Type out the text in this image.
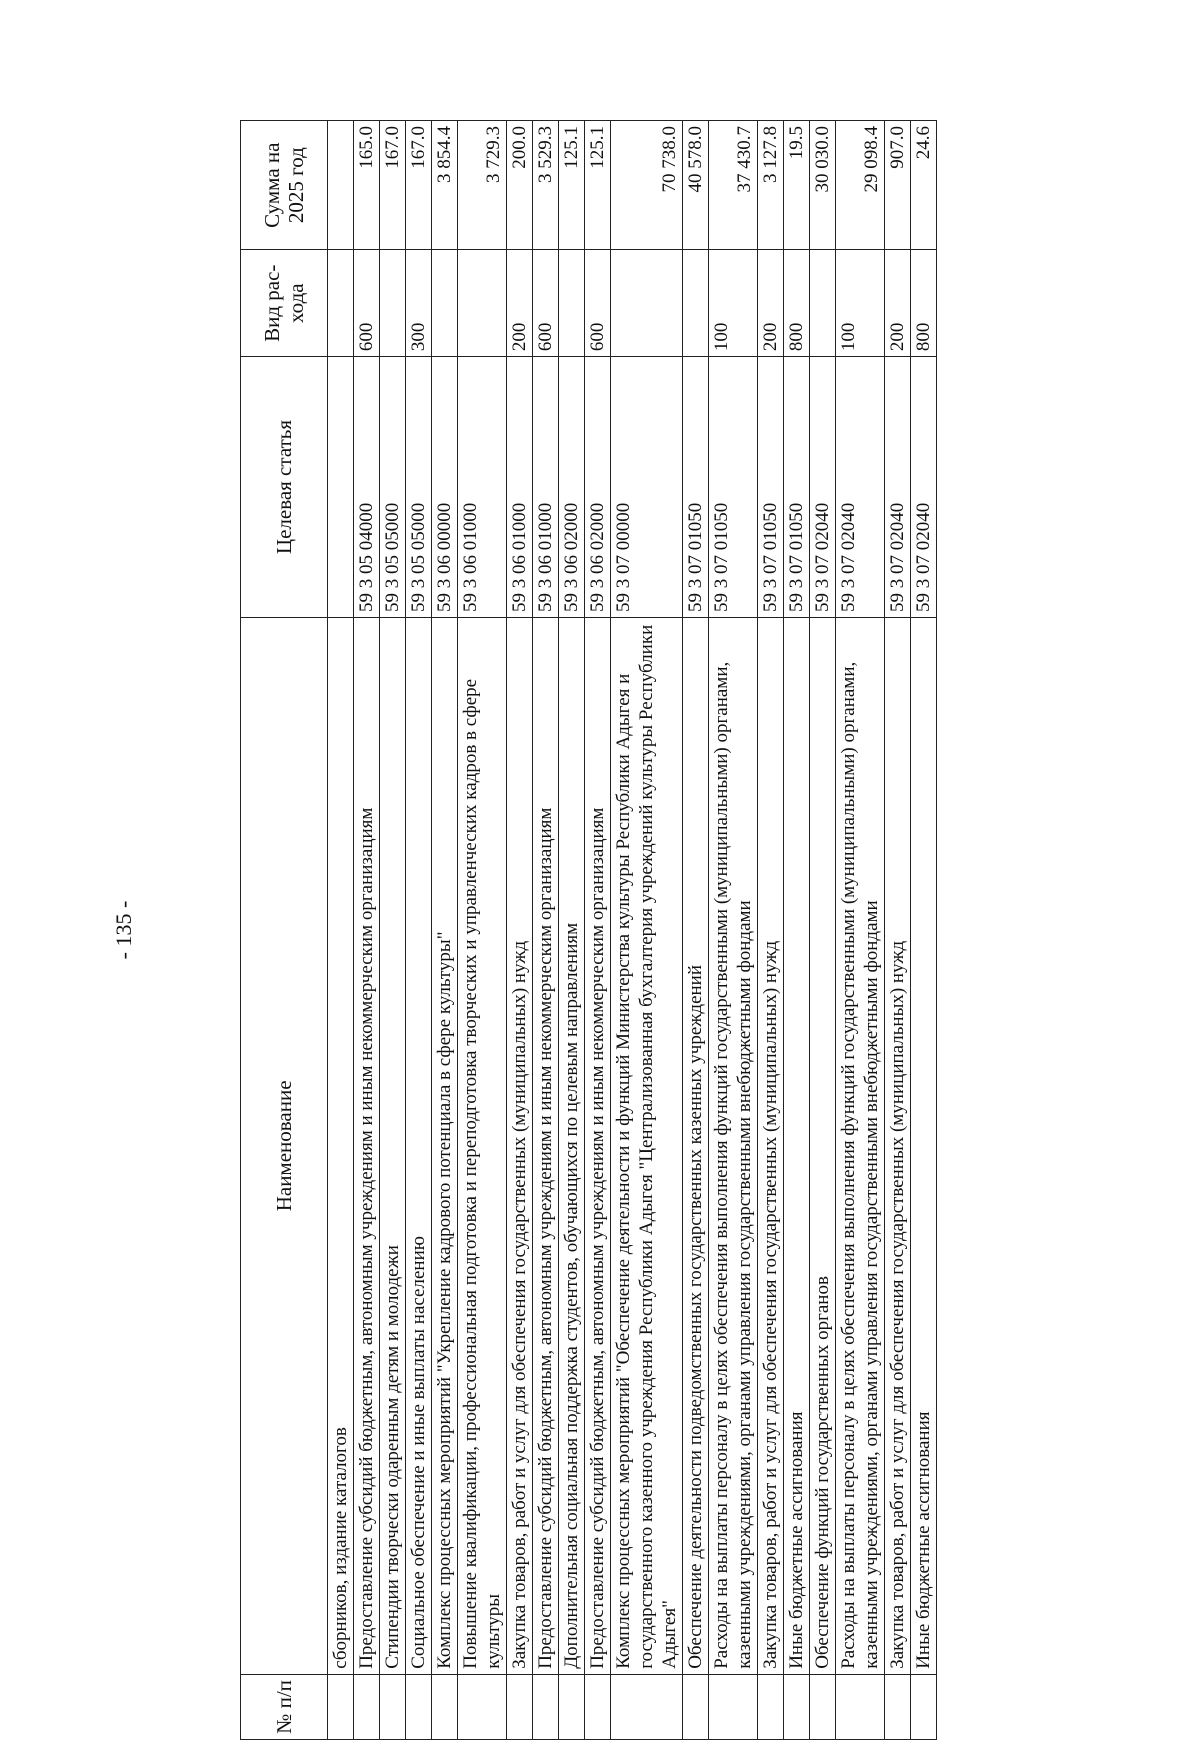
- 135 -
№ п/п	Наименование	Целевая статья	Вид рас- хода	Сумма на 2025 год
	сборников, издание каталогов			
	Предоставление субсидий бюджетным, автономным учреждениям и иным некоммерческим организациям	59 3 05 04000	600	165.0
	Стипендии творчески одаренным детям и молодежи	59 3 05 05000		167.0
	Социальное обеспечение и иные выплаты населению	59 3 05 05000	300	167.0
	Комплекс процессных мероприятий "Укрепление кадрового потенциала в сфере культуры"	59 3 06 00000		3 854.4
	Повышение квалификации, профессиональная подготовка и переподготовка творческих и управленческих кадров в сфере культуры	59 3 06 01000		3 729.3
	Закупка товаров, работ и услуг для обеспечения государственных (муниципальных) нужд	59 3 06 01000	200	200.0
	Предоставление субсидий бюджетным, автономным учреждениям и иным некоммерческим организациям	59 3 06 01000	600	3 529.3
	Дополнительная социальная поддержка студентов, обучающихся по целевым направлениям	59 3 06 02000		125.1
	Предоставление субсидий бюджетным, автономным учреждениям и иным некоммерческим организациям	59 3 06 02000	600	125.1
	Комплекс процессных мероприятий "Обеспечение деятельности и функций Министерства культуры Республики Адыгея и государственного казенного учреждения Республики Адыгея "Централизованная бухгалтерия учреждений культуры Республики Адыгея"	59 3 07 00000		70 738.0
	Обеспечение деятельности подведомственных государственных казенных учреждений	59 3 07 01050		40 578.0
	Расходы на выплаты персоналу в целях обеспечения выполнения функций государственными (муниципальными) органами, казенными учреждениями, органами управления государственными внебюджетными фондами	59 3 07 01050	100	37 430.7
	Закупка товаров, работ и услуг для обеспечения государственных (муниципальных) нужд	59 3 07 01050	200	3 127.8
	Иные бюджетные ассигнования	59 3 07 01050	800	19.5
	Обеспечение функций государственных органов	59 3 07 02040		30 030.0
	Расходы на выплаты персоналу в целях обеспечения выполнения функций государственными (муниципальными) органами, казенными учреждениями, органами управления государственными внебюджетными фондами	59 3 07 02040	100	29 098.4
	Закупка товаров, работ и услуг для обеспечения государственных (муниципальных) нужд	59 3 07 02040	200	907.0
	Иные бюджетные ассигнования	59 3 07 02040	800	24.6
